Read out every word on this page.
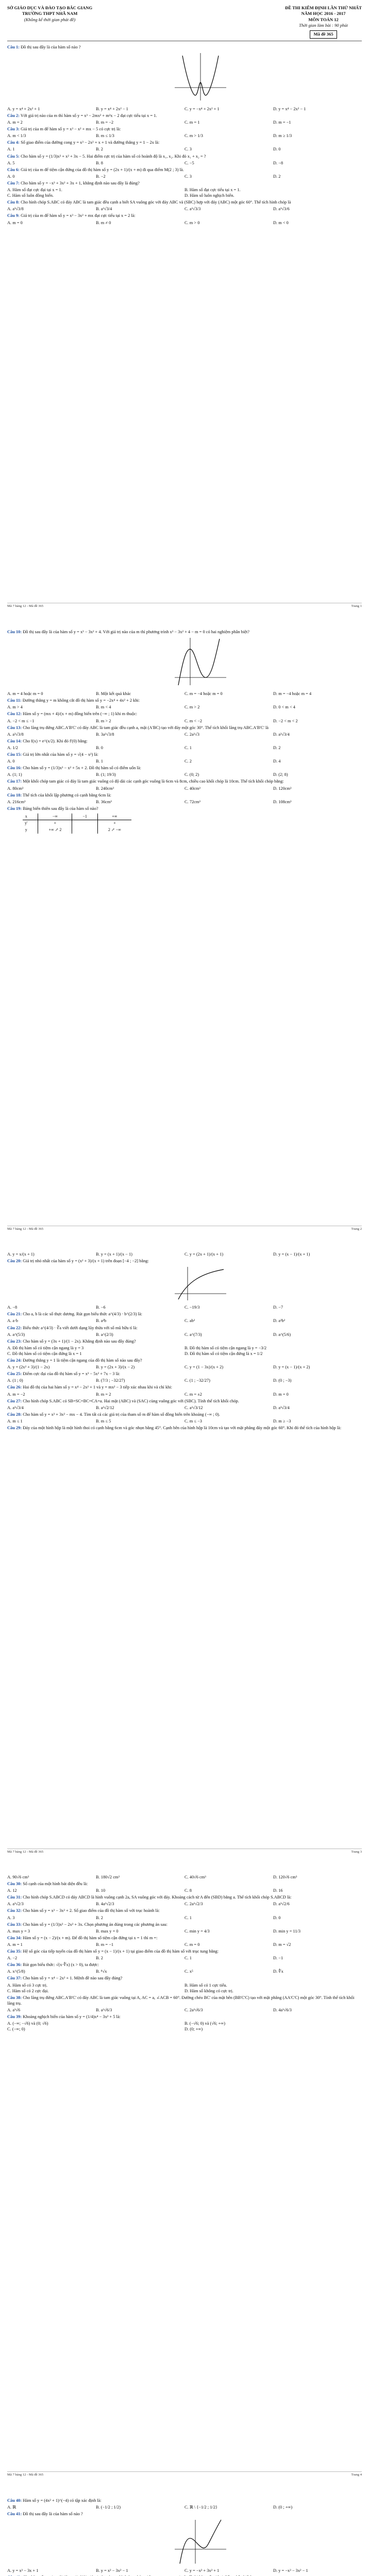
SỞ GIÁO DỤC VÀ ĐÀO TẠO BẮC GIANG
TRƯỜNG THPT NHÃ NAM
(Không kể thời gian phát đề)
ĐỀ THI KIỂM ĐỊNH LẦN THỨ NHẤT
NĂM HỌC 2016 - 2017
MÔN TOÁN 12
Thời gian làm bài : 90 phút
Mã đề 365
Câu 1: Đồ thị sau đây là của hàm số nào ?
A. y = x⁴ + 2x² + 1	B. y = x⁴ + 2x² − 1	C. y = −x⁴ + 2x² + 1	D. y = x⁴ − 2x² − 1
Câu 2: Với giá trị nào của m thì hàm số y = x³ − 2mx² + m²x − 2 đạt cực tiểu tại x = 1.
A. m = 2	B. m = −2	C. m = 1	D. m = −1
Câu 3: Giá trị của m để hàm số y = x³ − x² + mx − 5 có cực trị là:
A. m < 1/3	B. m ≤ 1/3	C. m > 1/3	D. m ≥ 1/3
Câu 4: Số giao điểm của đường cong y = x³ − 2x² + x + 1 và đường thẳng y = 1 − 2x là:
A. 1	B. 2	C. 3	D. 0
Câu 5: Cho hàm số y = (1/3)x³ + x² + 3x − 5. Hai điểm cực trị của hàm số có hoành độ là x₁, x₂. Khi đó x₁ + x₂ = ?
A. 5	B. 8	C. −5	D. −8
Câu 6: Giá trị của m để tiệm cận đứng của đồ thị hàm số y = (2x + 1)/(x + m) đi qua điểm M(2 ; 3) là.
A. 0	B. −2	C. 3	D. 2
Câu 7: Cho hàm số y = −x³ + 3x² + 3x + 1, khẳng định nào sau đây là đúng?
A. Hàm số đạt cực đại tại x = 1.	B. Hàm số đạt cực tiểu tại x = 1.
C. Hàm số luôn đồng biến.	D. Hàm số luôn nghịch biến.
Câu 8: Cho hình chóp S.ABC có đáy ABC là tam giác đều cạnh a biết SA vuông góc với đáy ABC và (SBC) hợp với đáy (ABC) một góc 60°. Thể tích hình chóp là
A. a³√3/8	B. a³√3/4	C. a³√3/3	D. a³√3/6
Câu 9: Giá trị của m để hàm số y = x³ − 3x² + mx đạt cực tiểu tại x = 2 là:
A. m = 0	B. m ≠ 0	C. m > 0	D. m < 0
Mã 7 bảng 12 - Mã đề 365	Trang 1
Câu 10: Đồ thị sau đây là của hàm số y = x³ − 3x² + 4. Với giá trị nào của m thì phương trình x³ − 3x² + 4 − m = 0 có hai nghiệm phân biệt?
A. m = 4 hoặc m = 0	B. Một kết quả khác	C. m = −4 hoặc m = 0	D. m = −4 hoặc m = 4
Câu 11: Đường thẳng y = m không cắt đồ thị hàm số y = −2x⁴ + 4x² + 2 khi:
A. m > 4	B. m < 4	C. m > 2	D. 0 < m < 4
Câu 12: Hàm số y = (mx + 4)/(x + m) đồng biến trên (−∞ ; 1) khi m thuộc:
A. −2 < m ≤ −1	B. m > 2	C. m < −2	D. −2 < m < 2
Câu 13: Cho lăng trụ đứng ABC.A'B'C' có đáy ABC là tam giác đều cạnh a, mặt (A'BC) tạo với đáy một góc 30°. Thể tích khối lăng trụ ABC.A'B'C' là
A. a³√3/8	B. 3a³√3/8	C. 2a³√3	D. a³√3/4
Câu 14: Cho f(x) = e^(x/2). Khi đó f'(0) bằng:
A. 1/2	B. 0	C. 1	D. 2
Câu 15: Giá trị lớn nhất của hàm số y = √(4 − x²) là:
A. 0	B. 1	C. 2	D. 4
Câu 16: Cho hàm số y = (1/3)x³ − x² + 5x + 2. Đồ thị hàm số có điểm uốn là:
A. (1; 1)	B. (1; 19/3)	C. (0; 2)	D. (2; 8)
Câu 17: Một khối chóp tam giác có đáy là tam giác vuông có độ dài các cạnh góc vuông là 6cm và 8cm, chiều cao khối chóp là 10cm. Thể tích khối chóp bằng:
A. 80cm³	B. 240cm³	C. 40cm³	D. 120cm³
Câu 18: Thể tích của khối lập phương có cạnh bằng 6cm là:
A. 216cm³	B. 36cm³	C. 72cm³	D. 108cm³
Câu 19: Bảng biến thiên sau đây là của hàm số nào?
x	−∞	−1	+∞
y'	+		+
y	+∞ ↗ 2		2 ↗ −∞
Mã 7 bảng 12 - Mã đề 365	Trang 2
A. y = x/(x + 1)	B. y = (x + 1)/(x − 1)	C. y = (2x + 1)/(x + 1)	D. y = (x − 1)/(x + 1)
Câu 20: Giá trị nhỏ nhất của hàm số y = (x² + 3)/(x + 1) trên đoạn [−4 ; −2] bằng:
A. −8	B. −6	C. −19/3	D. −7
Câu 21: Cho a, b là các số thực dương. Rút gọn biểu thức a^(4/3) · b^(2/3) là:
A. a·b	B. a²b	C. ab²	D. a²b²
Câu 22: Biểu thức a^(4/3) · ∛a viết dưới dạng lũy thừa với số mũ hữu tỉ là:
A. a^(5/3)	B. a^(2/3)	C. a^(7/3)	D. a^(5/6)
Câu 23: Cho hàm số y = (3x + 1)/(1 − 2x). Khẳng định nào sau đây đúng?
A. Đồ thị hàm số có tiệm cận ngang là y = 3	B. Đồ thị hàm số có tiệm cận ngang là y = −3/2
C. Đồ thị hàm số có tiệm cận đứng là x = 1	D. Đồ thị hàm số có tiệm cận đứng là x = 1/2
Câu 24: Đường thẳng y = 1 là tiệm cận ngang của đồ thị hàm số nào sau đây?
A. y = (2x² + 3)/(1 − 2x)	B. y = (2x + 3)/(x − 2)	C. y = (1 − 3x)/(x + 2)	D. y = (x − 1)/(x + 2)
Câu 25: Điểm cực đại của đồ thị hàm số y = x³ − 5x² + 7x − 3 là:
A. (1 ; 0)	B. (7/3 ; −32/27)	C. (1 ; −32/27)	D. (0 ; −3)
Câu 26: Hai đồ thị của hai hàm số y = x⁴ − 2x² + 1 và y = mx² − 3 tiếp xúc nhau khi và chỉ khi:
A. m = −2	B. m = 2	C. m = ±2	D. m = 0
Câu 27: Cho hình chóp S.ABC có SB=SC=BC=CA=a. Hai mặt (ABC) và (SAC) cùng vuông góc với (SBC). Tính thể tích khối chóp.
A. a³√3/4	B. a³√2/12	C. a³√3/12	D. a³√3/4
Câu 28: Cho hàm số y = x³ + 3x² − mx − 4. Tìm tất cả các giá trị của tham số m để hàm số đồng biến trên khoảng (−∞ ; 0).
A. m ≤ 1	B. m ≤ 5	C. m ≤ −3	D. m ≥ −3
Câu 29: Đáy của một hình hộp là một hình thoi có cạnh bằng 6cm và góc nhọn bằng 45°. Cạnh bên của hình hộp là 10cm và tạo với mặt phẳng đáy một góc 60°. Khi đó thể tích của hình hộp là:
Mã 7 bảng 12 - Mã đề 365	Trang 3
A. 90√6 cm³	B. 180√2 cm³	C. 40√6 cm³	D. 120√6 cm³
Câu 30: Số cạnh của một hình bát diện đều là:
A. 12	B. 10	C. 8	D. 16
Câu 31: Cho hình chóp S.ABCD có đáy ABCD là hình vuông cạnh 2a, SA vuông góc với đáy. Khoảng cách từ A đến (SBD) bằng a. Thể tích khối chóp S.ABCD là:
A. a³√2/3	B. 4a³√2/3	C. 2a³√2/3	D. a³√2/6
Câu 32: Cho hàm số y = x³ − 3x² + 2. Số giao điểm của đồ thị hàm số với trục hoành là:
A. 3	B. 2	C. 1	D. 0
Câu 33: Cho hàm số y = (1/3)x³ − 2x² + 3x. Chọn phương án đúng trong các phương án sau:
A. max y = 3	B. max y = 0	C. min y = 4/3	D. min y = 11/3
Câu 34: Hàm số y = (x − 2)/(x + m). Để đồ thị hàm số tiệm cận đứng tại x = 1 thì m =:
A. m = 1	B. m = −1	C. m = 0	D. m = √2
Câu 35: Hệ số góc của tiếp tuyến của đồ thị hàm số y = (x − 1)/(x + 1) tại giao điểm của đồ thị hàm số với trục tung bằng:
A. −2	B. 2	C. 1	D. −1
Câu 36: Rút gọn biểu thức: √(x·∜x) (x > 0), ta được:
A. x^(5/8)	B. ⁸√x	C. x⁵	D. ∜x
Câu 37: Cho hàm số y = x⁴ − 2x² + 1. Mệnh đề nào sau đây đúng?
A. Hàm số có 3 cực trị.	B. Hàm số có 1 cực tiểu.
C. Hàm số có 2 cực đại.	D. Hàm số không có cực trị.
Câu 38: Cho lăng trụ đứng ABC.A'B'C' có đáy ABC là tam giác vuông tại A, AC = a, ∠ACB = 60°. Đường chéo BC' của mặt bên (BB'C'C) tạo với mặt phẳng (AA'C'C) một góc 30°. Tính thể tích khối lăng trụ.
A. a³√6	B. a³√6/3	C. 2a³√6/3	D. 4a³√6/3
Câu 39: Khoảng nghịch biến của hàm số y = (1/4)x⁴ − 3x² + 5 là:
A. (−∞; −√6) và (0; √6)	B. (−√6; 0) và (√6; +∞)
C. (−∞; 0)	D. (0; +∞)
Mã 7 bảng 12 - Mã đề 365	Trang 4
Câu 40: Hàm số y = (4x² + 1)^(−4) có tập xác định là:
A. ℝ	B. (−1/2 ; 1/2)	C. ℝ \ {−1/2 ; 1/2}	D. (0 ; +∞)
Câu 41: Đồ thị sau đây là của hàm số nào ?
A. y = x³ − 3x + 1	B. y = x³ − 3x² − 1	C. y = −x³ + 3x² + 1	D. y = −x³ − 3x² − 1
